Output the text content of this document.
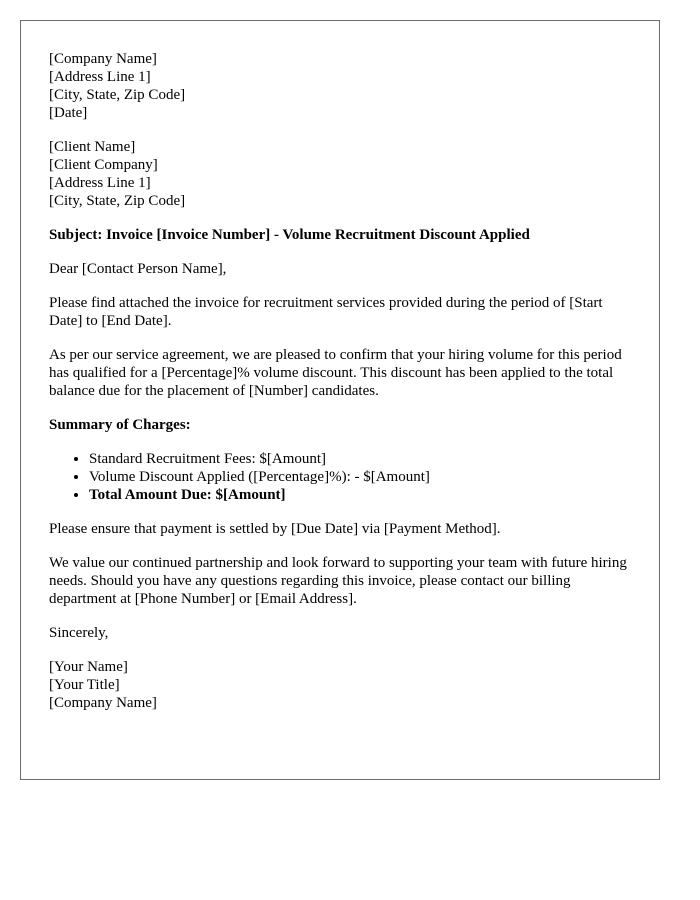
[Company Name]
[Address Line 1]
[City, State, Zip Code]
[Date]
[Client Name]
[Client Company]
[Address Line 1]
[City, State, Zip Code]

Subject: Invoice [Invoice Number] - Volume Recruitment Discount Applied

Dear [Contact Person Name],

Please find attached the invoice for recruitment services provided during the period of [Start Date] to [End Date].

As per our service agreement, we are pleased to confirm that your hiring volume for this period has qualified for a [Percentage]% volume discount. This discount has been applied to the total balance due for the placement of [Number] candidates.

Summary of Charges:

• Standard Recruitment Fees: $[Amount]
• Volume Discount Applied ([Percentage]%): - $[Amount]
• Total Amount Due: $[Amount]

Please ensure that payment is settled by [Due Date] via [Payment Method].

We value our continued partnership and look forward to supporting your team with future hiring needs. Should you have any questions regarding this invoice, please contact our billing department at [Phone Number] or [Email Address].

Sincerely,

[Your Name]
[Your Title]
[Company Name]
